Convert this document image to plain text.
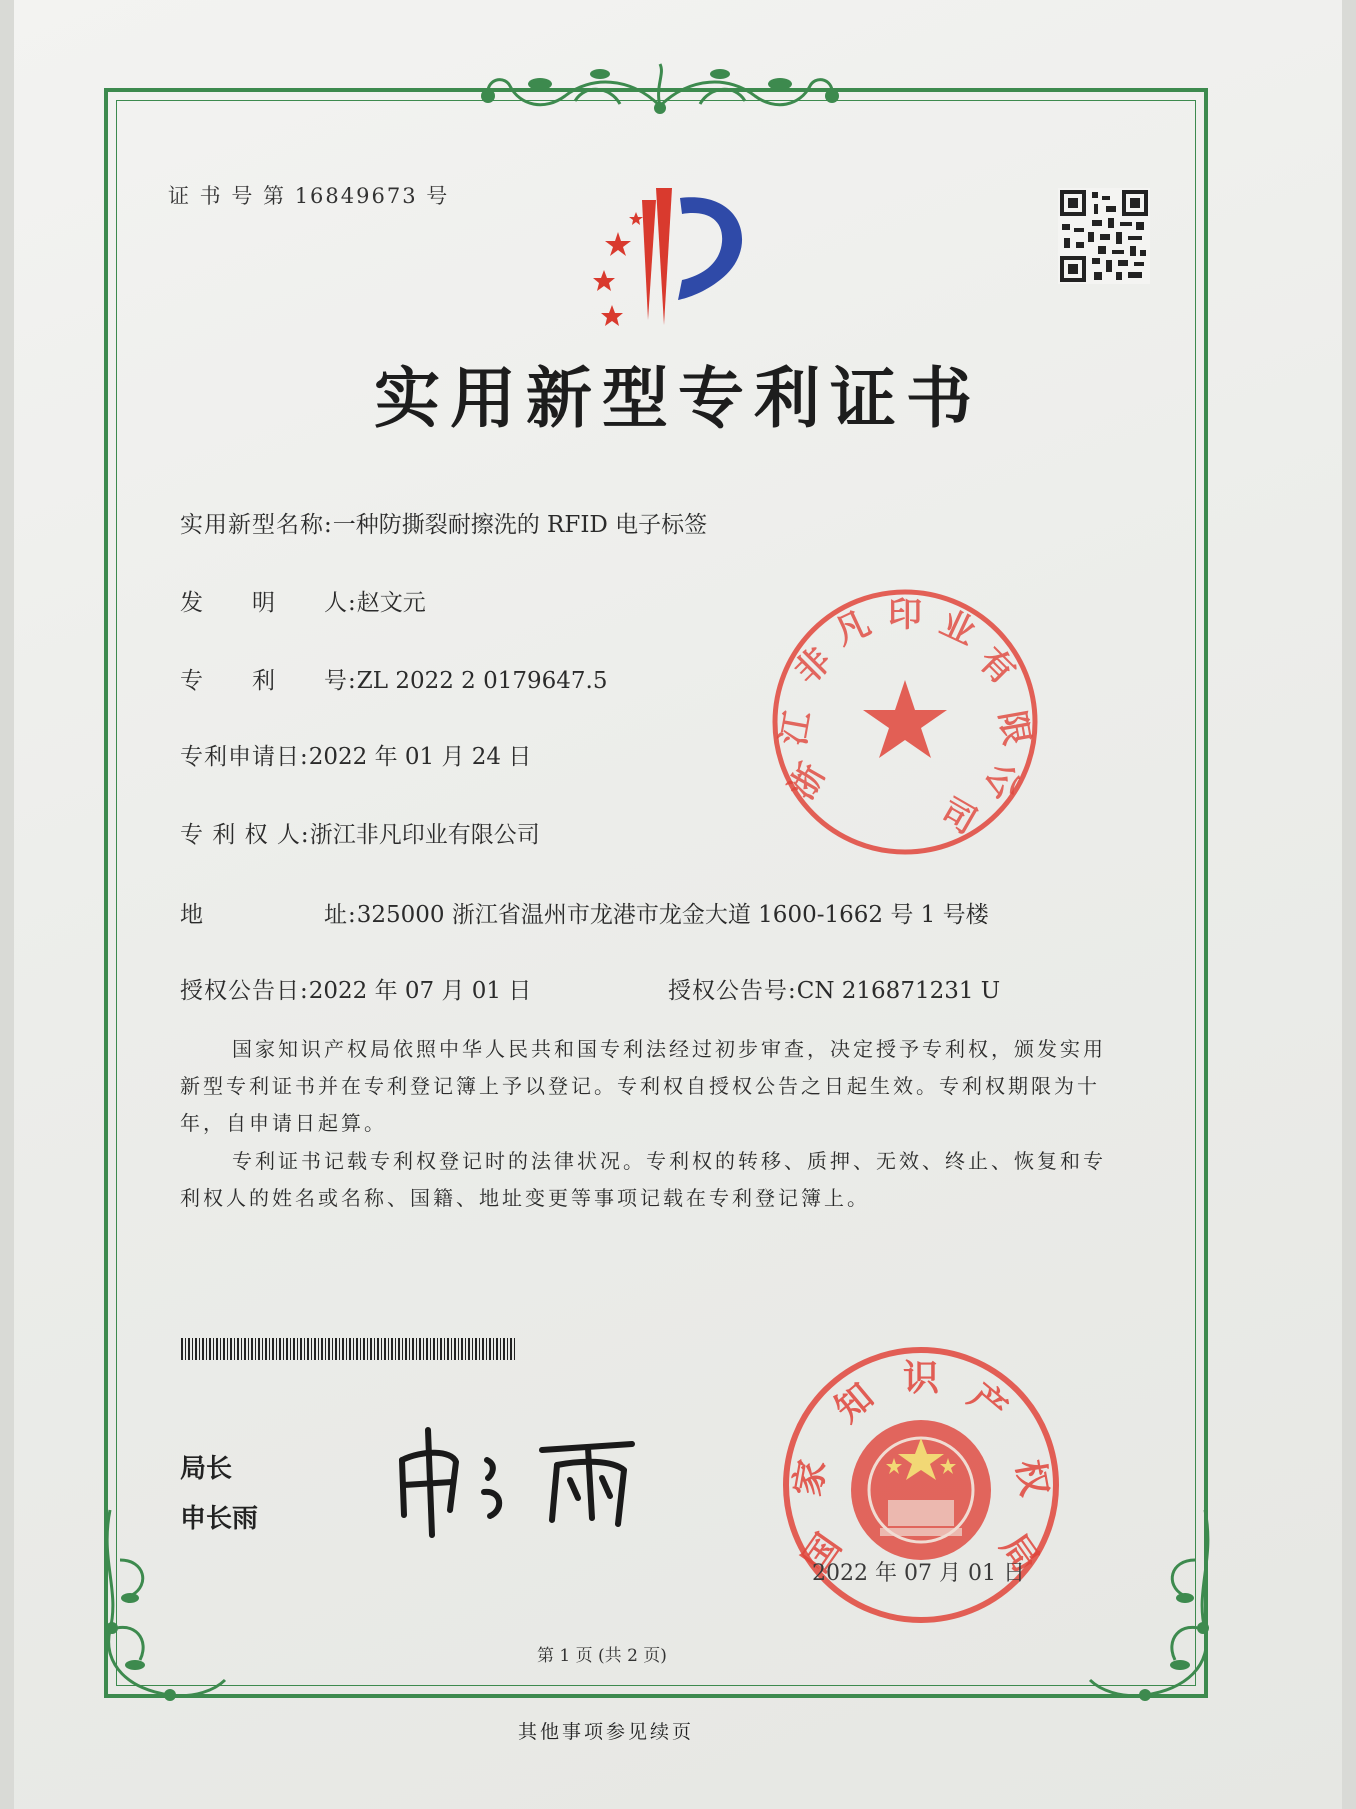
证 书 号 第 16849673 号
实用新型专利证书
实用新型名称:一种防撕裂耐擦洗的 RFID 电子标签
发　　明　　人:赵文元
专　　利　　号:ZL 2022 2 0179647.5
专利申请日:2022 年 01 月 24 日
专 利 权 人:浙江非凡印业有限公司
地　　　　　址:325000 浙江省温州市龙港市龙金大道 1600-1662 号 1 号楼
授权公告日:2022 年 07 月 01 日	授权公告号:CN 216871231 U
浙
江
非
凡 印 业
有
限
公
司
国家知识产权局依照中华人民共和国专利法经过初步审查，决定授予专利权，颁发实用
新型专利证书并在专利登记簿上予以登记。专利权自授权公告之日起生效。专利权期限为十
年，自申请日起算。
专利证书记载专利权登记时的法律状况。专利权的转移、质押、无效、终止、恢复和专
利权人的姓名或名称、国籍、地址变更等事项记载在专利登记簿上。
局长
申长雨
国
家
知 识 产
权
局
2022 年 07 月 01 日
第 1 页 (共 2 页)
其他事项参见续页
